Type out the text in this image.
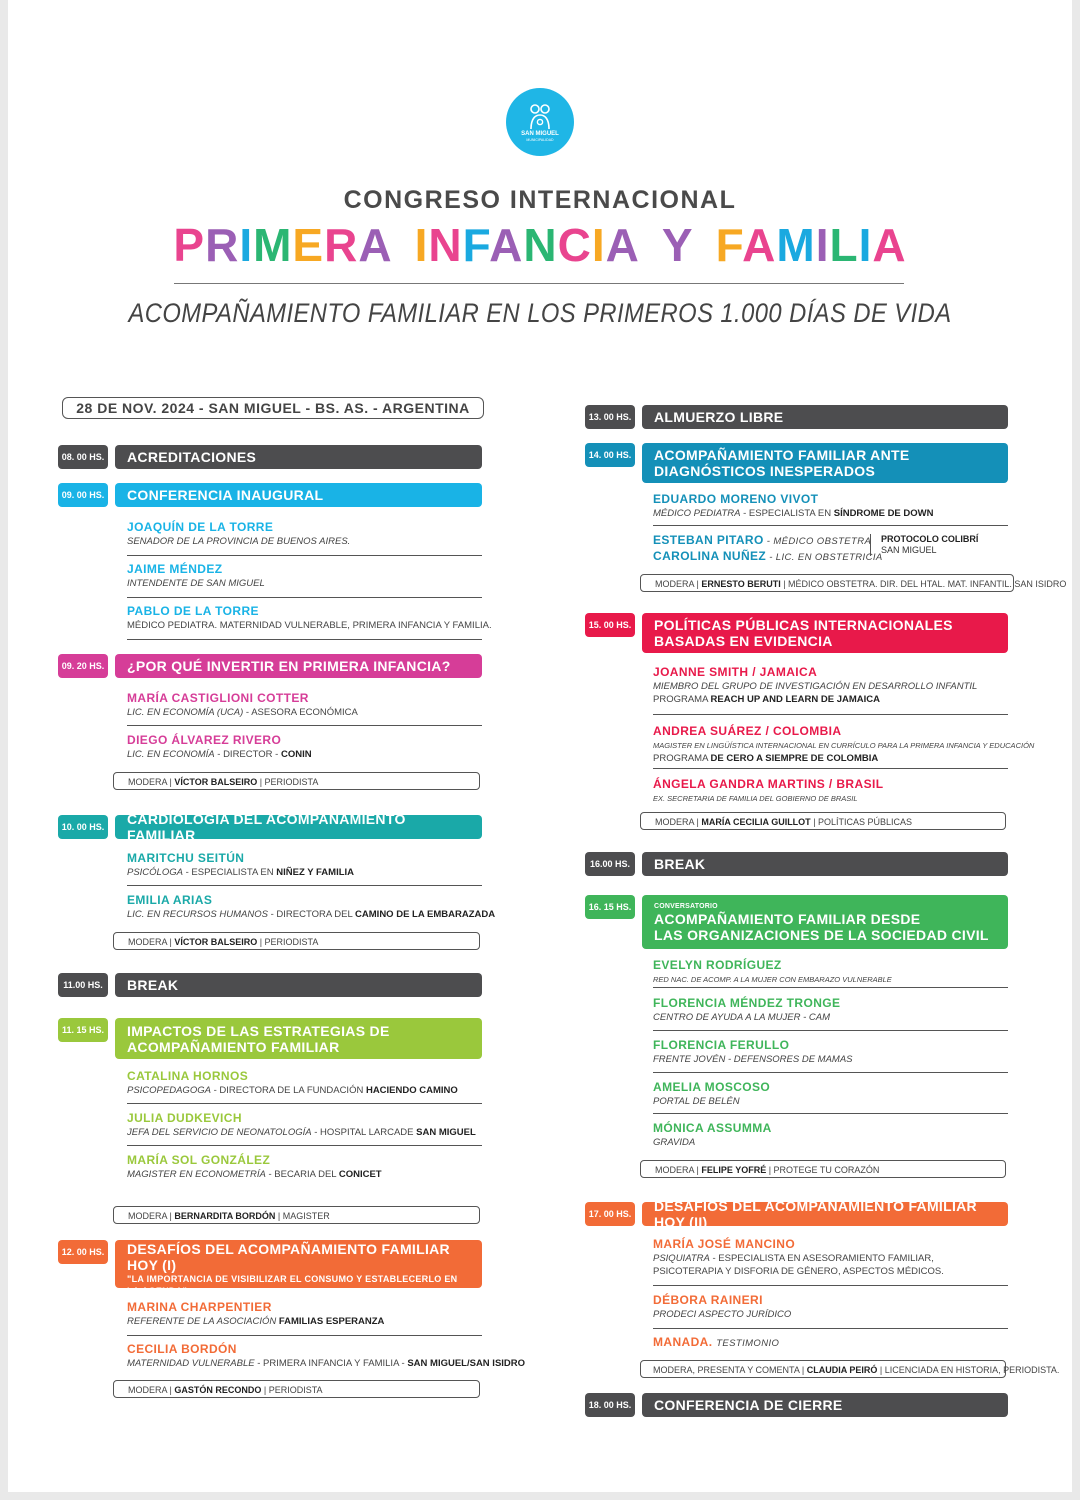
SAN MIGUEL
MUNICIPALIDAD
CONGRESO INTERNACIONAL
PRIMERA INFANCIA Y FAMILIA
ACOMPAÑAMIENTO FAMILIAR EN LOS PRIMEROS 1.000 DÍAS DE VIDA
28 DE NOV. 2024 - SAN MIGUEL - BS. AS. - ARGENTINA
08. 00 HS.	ACREDITACIONES
09. 00 HS.	CONFERENCIA INAUGURAL
JOAQUÍN DE LA TORRE
SENADOR DE LA PROVINCIA DE BUENOS AIRES.
JAIME MÉNDEZ
INTENDENTE DE SAN MIGUEL
PABLO DE LA TORRE
MÉDICO PEDIATRA. MATERNIDAD VULNERABLE, PRIMERA INFANCIA Y FAMILIA.
09. 20 HS.	¿POR QUÉ INVERTIR EN PRIMERA INFANCIA?
MARÍA CASTIGLIONI COTTER
LIC. EN ECONOMÍA (UCA) - ASESORA ECONÓMICA
DIEGO ÁLVAREZ RIVERO
LIC. EN ECONOMÍA - DIRECTOR - CONIN
MODERA | VÍCTOR BALSEIRO | PERIODISTA
10. 00 HS.	CARDIOLOGÍA DEL ACOMPAÑAMIENTO FAMILIAR
MARITCHU SEITÚN
PSICÓLOGA - ESPECIALISTA EN NIÑEZ Y FAMILIA
EMILIA ARIAS
LIC. EN RECURSOS HUMANOS - DIRECTORA DEL CAMINO DE LA EMBARAZADA
MODERA | VÍCTOR BALSEIRO | PERIODISTA
11.00 HS.	BREAK
11. 15 HS. IMPACTOS DE LAS ESTRATEGIAS DE
ACOMPAÑAMIENTO FAMILIAR
CATALINA HORNOS
PSICOPEDAGOGA - DIRECTORA DE LA FUNDACIÓN HACIENDO CAMINO
JULIA DUDKEVICH
JEFA DEL SERVICIO DE NEONATOLOGÍA - HOSPITAL LARCADE SAN MIGUEL
MARÍA SOL GONZÁLEZ
MAGISTER EN ECONOMETRÍA - BECARIA DEL CONICET
MODERA | BERNARDITA BORDÓN | MAGISTER
12. 00 HS.
CONVERSATORIO
DESAFÍOS DEL ACOMPAÑAMIENTO FAMILIAR HOY (I)
"LA IMPORTANCIA DE VISIBILIZAR EL CONSUMO Y ESTABLECERLO EN LA AGENDA"
MARINA CHARPENTIER
REFERENTE DE LA ASOCIACIÓN FAMILIAS ESPERANZA
CECILIA BORDÓN
MATERNIDAD VULNERABLE - PRIMERA INFANCIA Y FAMILIA - SAN MIGUEL/SAN ISIDRO
MODERA | GASTÓN RECONDO | PERIODISTA
13. 00 HS.	ALMUERZO LIBRE
14. 00 HS. ACOMPAÑAMIENTO FAMILIAR ANTE
DIAGNÓSTICOS INESPERADOS
EDUARDO MORENO VIVOT
MÉDICO PEDIATRA - ESPECIALISTA EN SÍNDROME DE DOWN
ESTEBAN PITARO - MÉDICO OBSTETRA
CAROLINA NUÑEZ - LIC. EN OBSTETRICIA
PROTOCOLO COLIBRÍ
SAN MIGUEL
MODERA | ERNESTO BERUTI | MÉDICO OBSTETRA. DIR. DEL HTAL. MAT. INFANTIL. SAN ISIDRO
15. 00 HS. POLÍTICAS PÚBLICAS INTERNACIONALES
BASADAS EN EVIDENCIA
JOANNE SMITH / JAMAICA
MIEMBRO DEL GRUPO DE INVESTIGACIÓN EN DESARROLLO INFANTIL
PROGRAMA REACH UP AND LEARN DE JAMAICA
ANDREA SUÁREZ / COLOMBIA
MAGISTER EN LINGÜÍSTICA INTERNACIONAL EN CURRÍCULO PARA LA PRIMERA INFANCIA Y EDUCACIÓN
PROGRAMA DE CERO A SIEMPRE DE COLOMBIA
ÁNGELA GANDRA MARTINS / BRASIL
EX. SECRETARIA DE FAMILIA DEL GOBIERNO DE BRASIL
MODERA | MARÍA CECILIA GUILLOT | POLÍTICAS PÚBLICAS
16.00 HS.	BREAK
16. 15 HS.	CONVERSATORIO
ACOMPAÑAMIENTO FAMILIAR DESDE
LAS ORGANIZACIONES DE LA SOCIEDAD CIVIL
EVELYN RODRÍGUEZ
RED NAC. DE ACOMP. A LA MUJER CON EMBARAZO VULNERABLE
FLORENCIA MÉNDEZ TRONGE
CENTRO DE AYUDA A LA MUJER - CAM
FLORENCIA FERULLO
FRENTE JOVÉN - DEFENSORES DE MAMAS
AMELIA MOSCOSO
PORTAL DE BELÉN
MÓNICA ASSUMMA
GRAVIDA
MODERA | FELIPE YOFRÉ | PROTEGE TU CORAZÓN
17. 00 HS.	DESAFÍOS DEL ACOMPAÑAMIENTO FAMILIAR HOY (II)
MARÍA JOSÉ MANCINO
PSIQUIATRA - ESPECIALISTA EN ASESORAMIENTO FAMILIAR,
PSICOTERAPIA Y DISFORIA DE GÉNERO, ASPECTOS MÉDICOS.
DÉBORA RAINERI
PRODECI ASPECTO JURÍDICO
MANADA. TESTIMONIO
MODERA, PRESENTA Y COMENTA | CLAUDIA PEIRÓ | LICENCIADA EN HISTORIA, PERIODISTA.
18. 00 HS.	CONFERENCIA DE CIERRE
